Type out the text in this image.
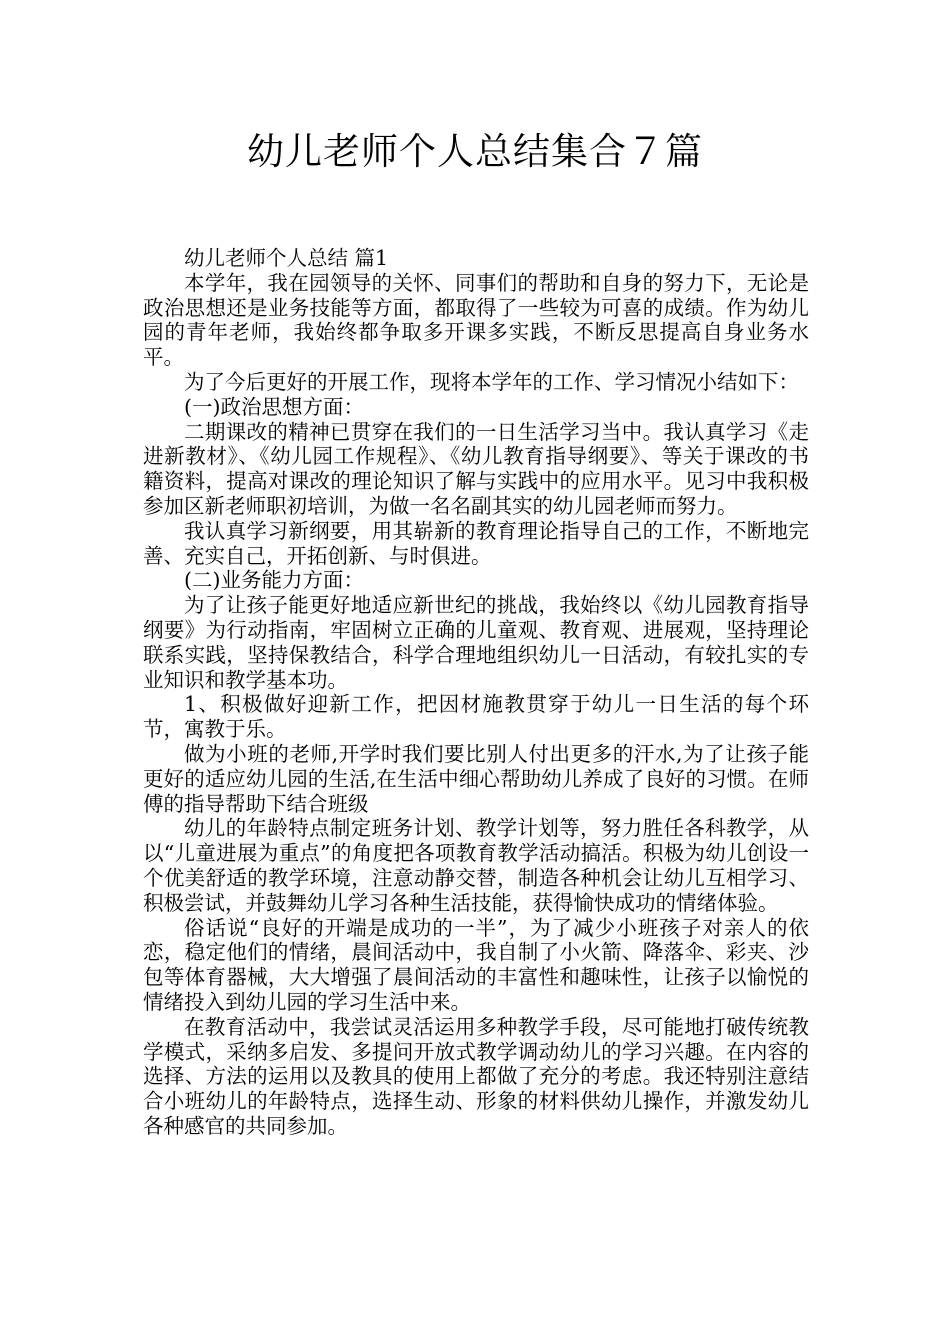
幼儿老师个人总结集合７篇

幼儿老师个人总结 篇1

本学年，我在园领导的关怀、同事们的帮助和自身的努力下，无论是政治思想还是业务技能等方面，都取得了一些较为可喜的成绩。作为幼儿园的青年老师，我始终都争取多开课多实践，不断反思提高自身业务水平。

为了今后更好的开展工作，现将本学年的工作、学习情况小结如下：

(一)政治思想方面：

二期课改的精神已贯穿在我们的一日生活学习当中。我认真学习《走进新教材》、《幼儿园工作规程》、《幼儿教育指导纲要》、等关于课改的书籍资料，提高对课改的理论知识了解与实践中的应用水平。见习中我积极参加区新老师职初培训，为做一名名副其实的幼儿园老师而努力。

我认真学习新纲要，用其崭新的教育理论指导自己的工作，不断地完善、充实自己，开拓创新、与时俱进。

(二)业务能力方面：

为了让孩子能更好地适应新世纪的挑战，我始终以《幼儿园教育指导纲要》为行动指南，牢固树立正确的儿童观、教育观、进展观，坚持理论联系实践，坚持保教结合，科学合理地组织幼儿一日活动，有较扎实的专业知识和教学基本功。

1、积极做好迎新工作，把因材施教贯穿于幼儿一日生活的每个环节，寓教于乐。

做为小班的老师,开学时我们要比别人付出更多的汗水,为了让孩子能更好的适应幼儿园的生活,在生活中细心帮助幼儿养成了良好的习惯。在师傅的指导帮助下结合班级

幼儿的年龄特点制定班务计划、教学计划等，努力胜任各科教学，从以“儿童进展为重点”的角度把各项教育教学活动搞活。积极为幼儿创设一个优美舒适的教学环境，注意动静交替，制造各种机会让幼儿互相学习、积极尝试，并鼓舞幼儿学习各种生活技能，获得愉快成功的情绪体验。

俗话说“良好的开端是成功的一半”，为了减少小班孩子对亲人的依恋，稳定他们的情绪，晨间活动中，我自制了小火箭、降落伞、彩夹、沙包等体育器械，大大增强了晨间活动的丰富性和趣味性，让孩子以愉悦的情绪投入到幼儿园的学习生活中来。

在教育活动中，我尝试灵活运用多种教学手段，尽可能地打破传统教学模式，采纳多启发、多提问开放式教学调动幼儿的学习兴趣。在内容的选择、方法的运用以及教具的使用上都做了充分的考虑。我还特别注意结合小班幼儿的年龄特点，选择生动、形象的材料供幼儿操作，并激发幼儿各种感官的共同参加。
